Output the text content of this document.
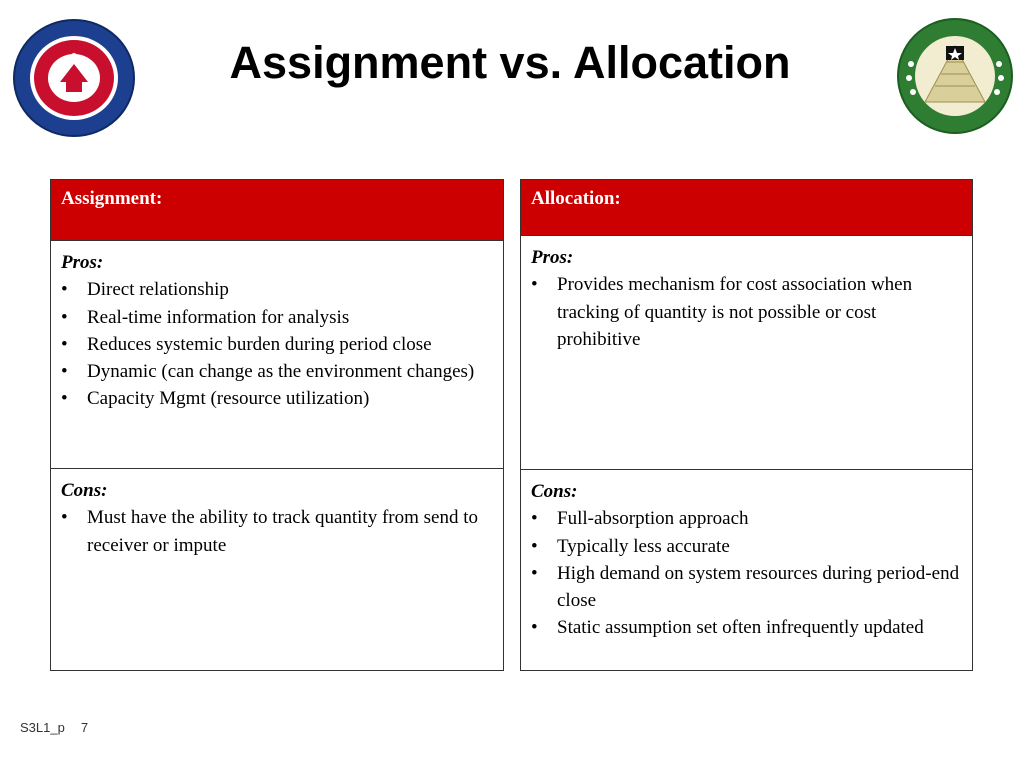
Assignment vs. Allocation
Assignment:

Pros:
• Direct relationship
• Real-time information for analysis
• Reduces systemic burden during period close
• Dynamic (can change as the environment changes)
• Capacity Mgmt (resource utilization)

Cons:
• Must have the ability to track quantity from send to receiver or impute
Allocation:

Pros:
• Provides mechanism for cost association when tracking of quantity is not possible or cost prohibitive

Cons:
• Full-absorption approach
• Typically less accurate
• High demand on system resources during period-end close
• Static assumption set often infrequently updated
S3L1_p 7
